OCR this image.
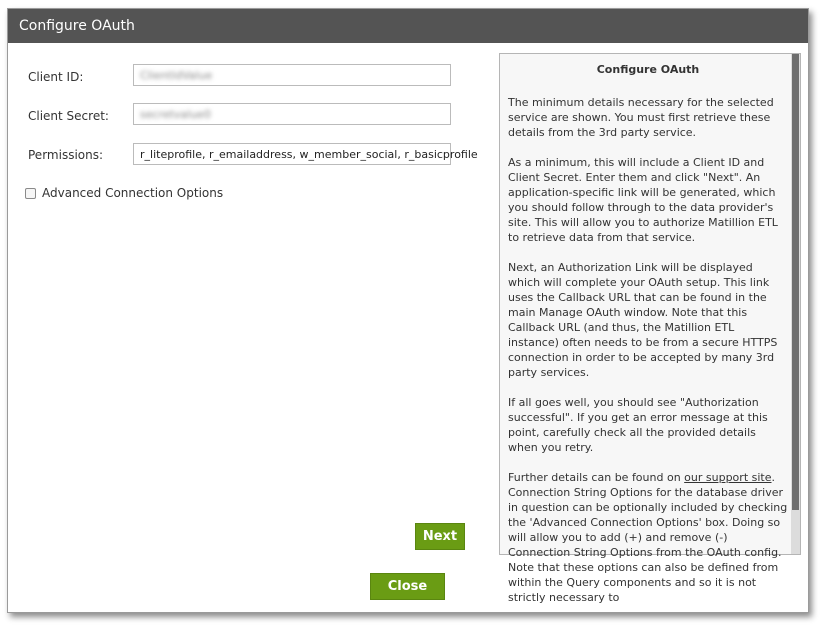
Configure OAuth
Client ID:	ClientIdValue
Client Secret:	secretvalue0
Permissions:	r_liteprofile, r_emailaddress, w_member_social, r_basicprofile
Advanced Connection Options
Configure OAuth

The minimum details necessary for the selected service are shown. You must first retrieve these details from the 3rd party service.

As a minimum, this will include a Client ID and Client Secret. Enter them and click "Next". An application-specific link will be generated, which you should follow through to the data provider's site. This will allow you to authorize Matillion ETL to retrieve data from that service.

Next, an Authorization Link will be displayed which will complete your OAuth setup. This link uses the Callback URL that can be found in the main Manage OAuth window. Note that this Callback URL (and thus, the Matillion ETL instance) often needs to be from a secure HTTPS connection in order to be accepted by many 3rd party services.

If all goes well, you should see "Authorization successful". If you get an error message at this point, carefully check all the provided details when you retry.

Further details can be found on our support site. Connection String Options for the database driver in question can be optionally included by checking the 'Advanced Connection Options' box. Doing so will allow you to add (+) and remove (-) Connection String Options from the OAuth config. Note that these options can also be defined from within the Query components and so it is not strictly necessary to

Next
Close
